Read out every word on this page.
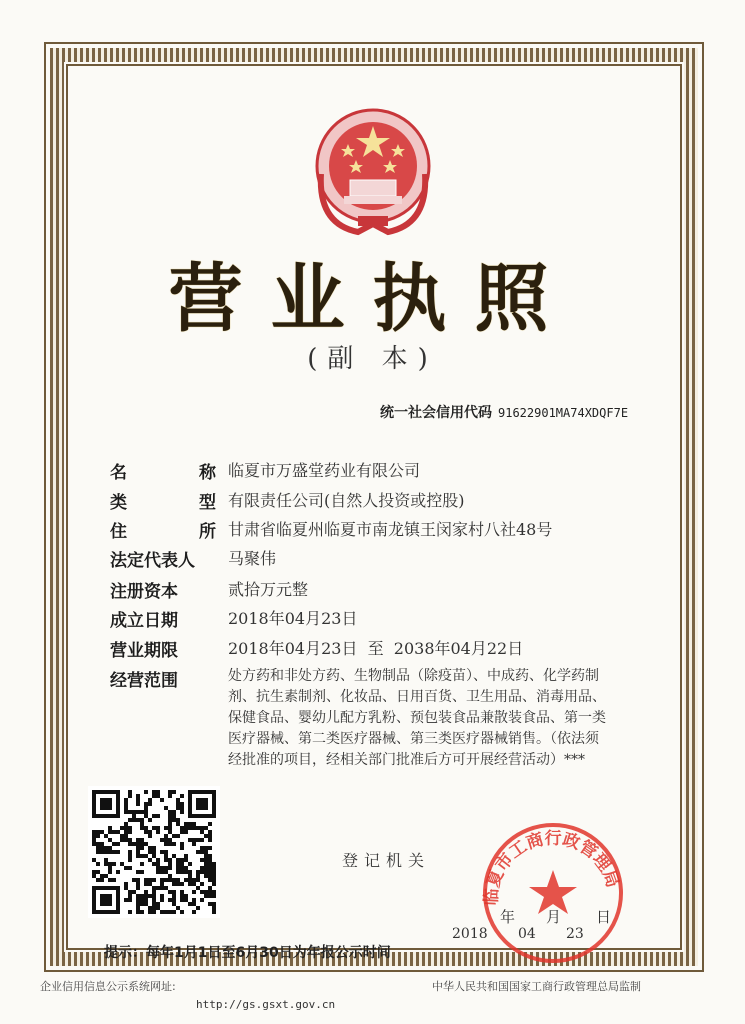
营业执照
(副 本)
统一社会信用代码 91622901MA74XDQF7E
名	称 临夏市万盛堂药业有限公司
类	型 有限责任公司(自然人投资或控股)
住	所 甘肃省临夏州临夏市南龙镇王闵家村八社48号
法定代表人	马聚伟
注册资本	贰拾万元整
成立日期	2018年04月23日
营业期限	2018年04月23日  至  2038年04月22日
经营范围	处方药和非处方药、生物制品（除疫苗）、中成药、化学药制剂、抗生素制剂、化妆品、日用百货、卫生用品、消毒用品、保健食品、婴幼儿配方乳粉、预包装食品兼散装食品、第一类医疗器械、第二类医疗器械、第三类医疗器械销售。（依法须经批准的项目，经相关部门批准后方可开展经营活动）***
登记机关
临夏市工商行政管理局
年 月 日
2018 04 23
提示：每年1月1日至6月30日为年报公示时间
企业信用信息公示系统网址:
http://gs.gsxt.gov.cn
中华人民共和国国家工商行政管理总局监制
